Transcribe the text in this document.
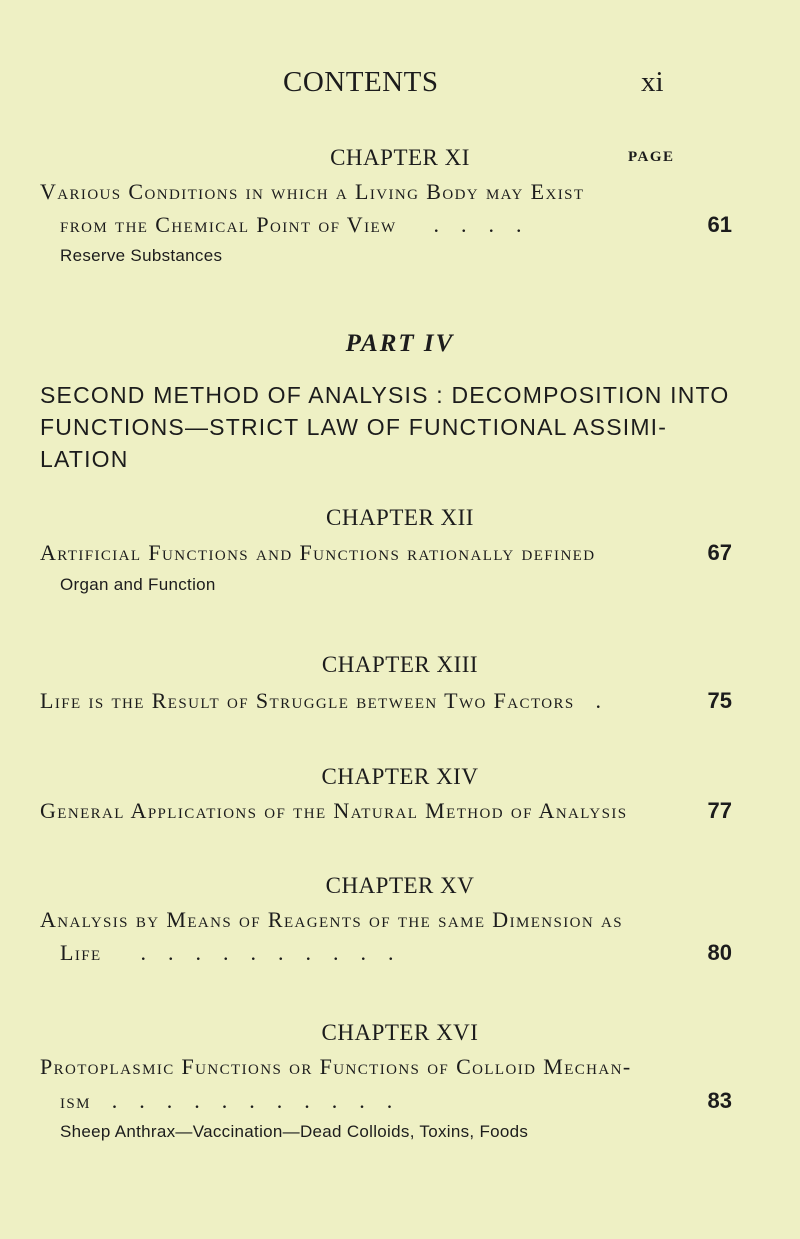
CONTENTS	xi
CHAPTER XI	PAGE
Various Conditions in which a Living Body may Exist
from the Chemical Point of View ....	61
Reserve Substances
PART IV
SECOND METHOD OF ANALYSIS : DECOMPOSITION INTO FUNCTIONS—STRICT LAW OF FUNCTIONAL ASSIMI- LATION
CHAPTER XII
Artificial Functions and Functions rationally defined	67
Organ and Function
CHAPTER XIII
Life is the Result of Struggle between Two Factors .	75
CHAPTER XIV
General Applications of the Natural Method of Analysis	77
CHAPTER XV
Analysis by Means of Reagents of the same Dimension as
Life ..........	80
CHAPTER XVI
Protoplasmic Functions or Functions of Colloid Mechan-
ism ...........	83
Sheep Anthrax—Vaccination—Dead Colloids, Toxins, Foods
